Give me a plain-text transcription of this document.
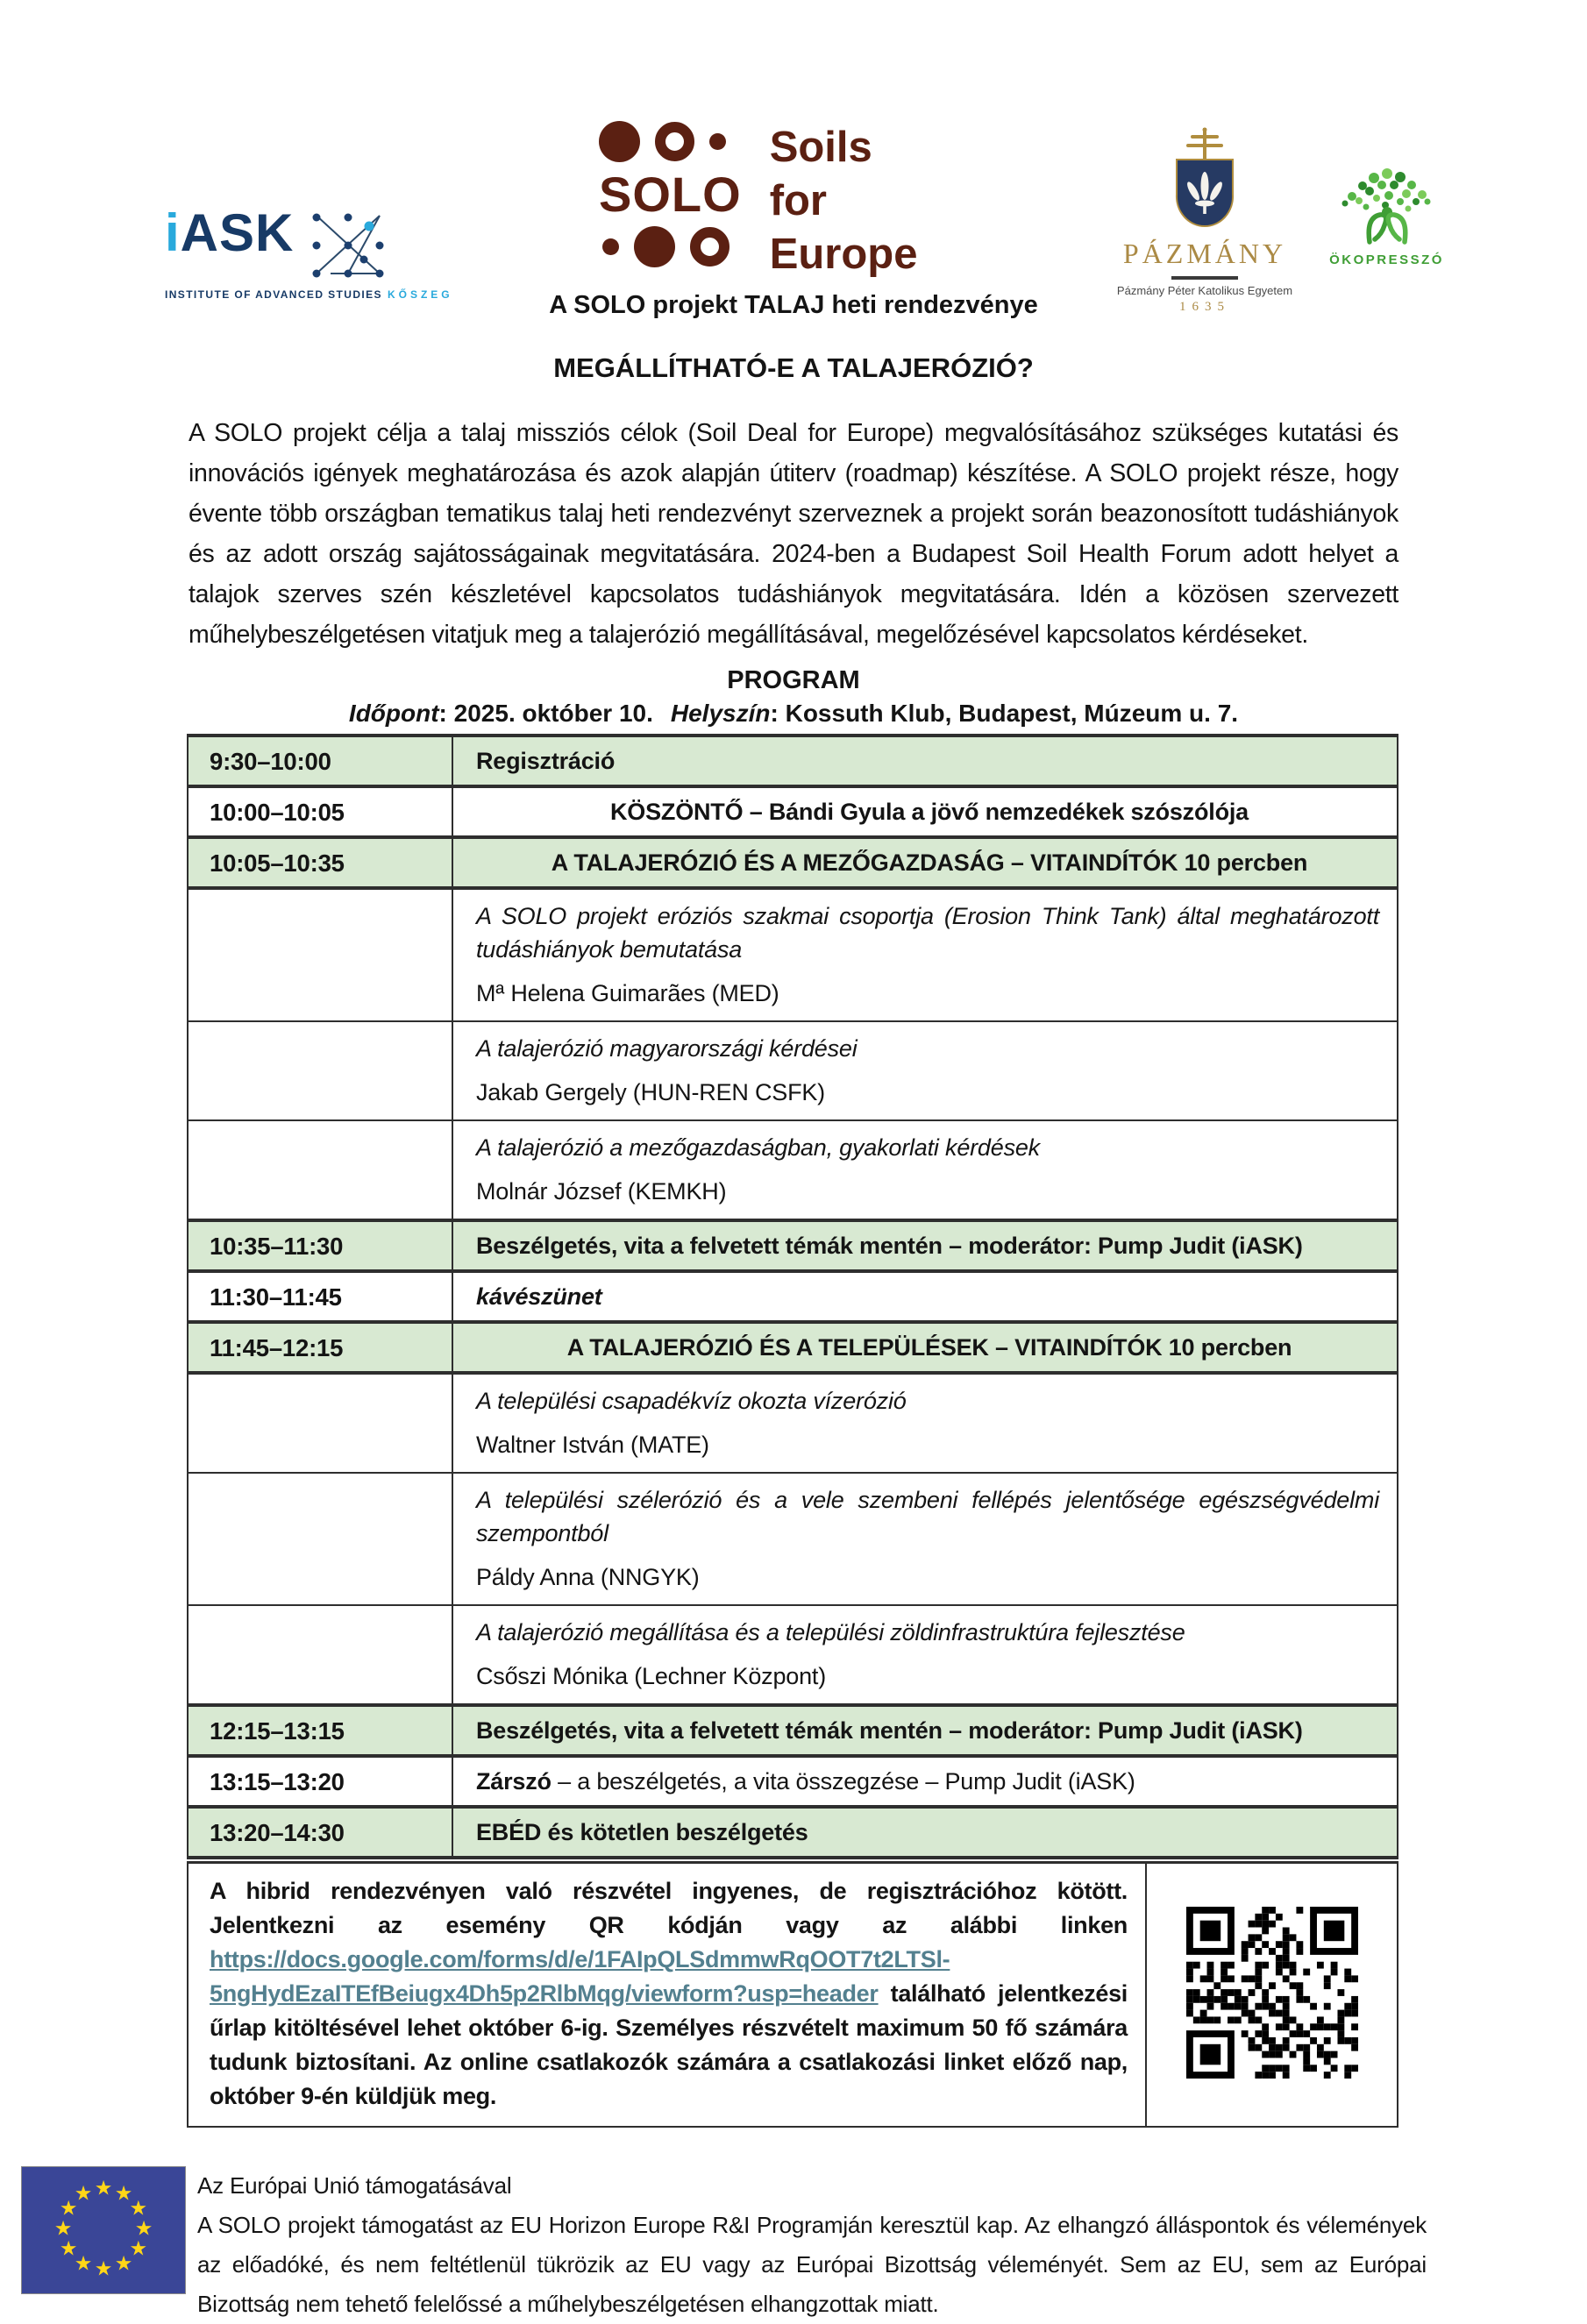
iASK
INSTITUTE OF ADVANCED STUDIES KŐSZEG
SOLO
Soils
for
Europe	PÁZMÁNY
Pázmány Péter Katolikus Egyetem
1635
ÖKOPRESSZÓ
A SOLO projekt TALAJ heti rendezvénye
MEGÁLLÍTHATÓ-E A TALAJERÓZIÓ?

A SOLO projekt célja a talaj missziós célok (Soil Deal for Europe) megvalósításához szükséges kutatási és innovációs igények meghatározása és azok alapján útiterv (roadmap) készítése. A SOLO projekt része, hogy évente több országban tematikus talaj heti rendezvényt szerveznek a projekt során beazonosított tudáshiányok és az adott ország sajátosságainak megvitatására. 2024-ben a Budapest Soil Health Forum adott helyet a talajok szerves szén készletével kapcsolatos tudáshiányok megvitatására. Idén a közösen szervezett műhelybeszélgetésen vitatjuk meg a talajerózió megállításával, megelőzésével kapcsolatos kérdéseket.

PROGRAM
Időpont: 2025. október 10. Helyszín: Kossuth Klub, Budapest, Múzeum u. 7.
9:30–10:00	Regisztráció
10:00–10:05	KÖSZÖNTŐ – Bándi Gyula a jövő nemzedékek szószólója
10:05–10:35	A TALAJERÓZIÓ ÉS A MEZŐGAZDASÁG – VITAINDÍTÓK 10 percben

	A SOLO projekt eróziós szakmai csoportja (Erosion Think Tank) által meghatározott tudáshiányok bemutatása
Mª Helena Guimarães (MED)

	A talajerózió magyarországi kérdései
Jakab Gergely (HUN-REN CSFK)

	A talajerózió a mezőgazdaságban, gyakorlati kérdések
Molnár József (KEMKH)

10:35–11:30	Beszélgetés, vita a felvetett témák mentén – moderátor: Pump Judit (iASK)
11:30–11:45	kávészünet
11:45–12:15	A TALAJERÓZIÓ ÉS A TELEPÜLÉSEK – VITAINDÍTÓK 10 percben

	A települési csapadékvíz okozta vízerózió
Waltner István (MATE)

	A települési szélerózió és a vele szembeni fellépés jelentősége egészségvédelmi szempontból
Páldy Anna (NNGYK)

	A talajerózió megállítása és a települési zöldinfrastruktúra fejlesztése
Csőszi Mónika (Lechner Központ)

12:15–13:15	Beszélgetés, vita a felvetett témák mentén – moderátor: Pump Judit (iASK)
13:15–13:20	Zárszó – a beszélgetés, a vita összegzése – Pump Judit (iASK)
13:20–14:30	EBÉD és kötetlen beszélgetés
A hibrid rendezvényen való részvétel ingyenes, de regisztrációhoz kötött. Jelentkezni az esemény QR kódján vagy az alábbi linken https://docs.google.com/forms/d/e/1FAIpQLSdmmwRqOOT7t2LTSl-5ngHydEzaITEfBeiugx4Dh5p2RlbMqg/viewform?usp=header található jelentkezési űrlap kitöltésével lehet október 6-ig. Személyes részvételt maximum 50 fő számára tudunk biztosítani. Az online csatlakozók számára a csatlakozási linket előző nap, október 9-én küldjük meg.
★ ★
★
★
★
★
★
★
★
★
★
★	Az Európai Unió támogatásával
A SOLO projekt támogatást az EU Horizon Europe R&I Programján keresztül kap. Az elhangzó álláspontok és vélemények az előadóké, és nem feltétlenül tükrözik az EU vagy az Európai Bizottság véleményét. Sem az EU, sem az Európai Bizottság nem tehető felelőssé a műhelybeszélgetésen elhangzottak miatt.
